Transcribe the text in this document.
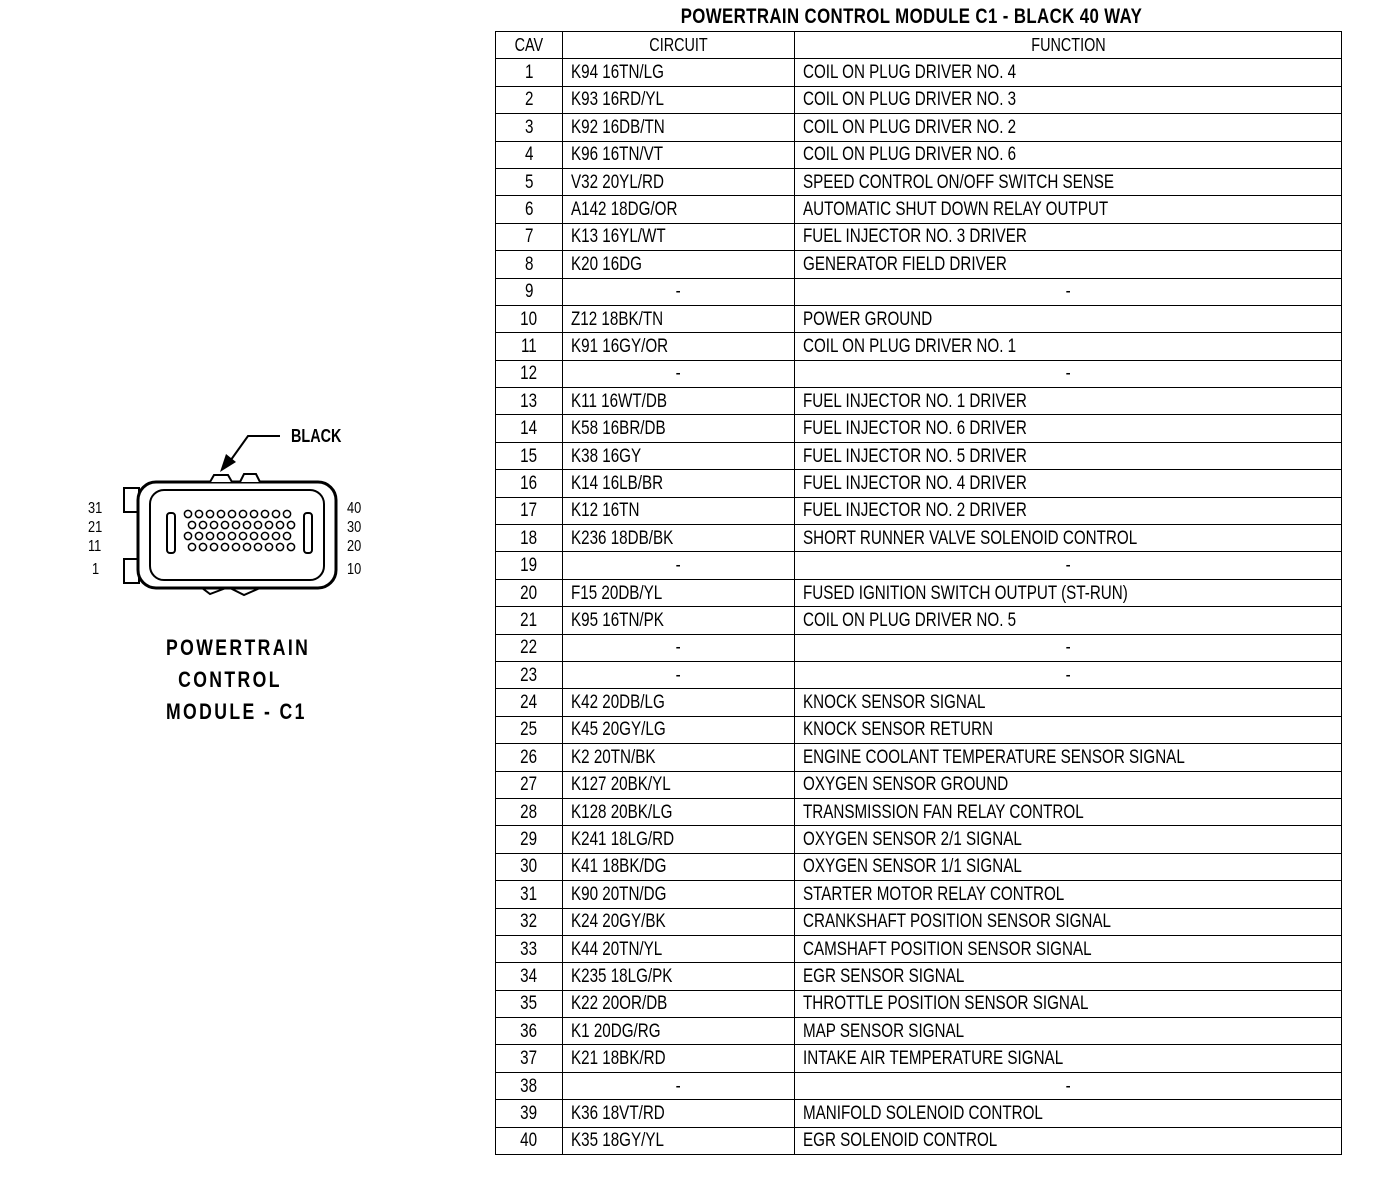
POWERTRAIN CONTROL MODULE C1 - BLACK 40 WAY
CAV	CIRCUIT	FUNCTION
1	K94 16TN/LG	COIL ON PLUG DRIVER NO. 4
2	K93 16RD/YL	COIL ON PLUG DRIVER NO. 3
3	K92 16DB/TN	COIL ON PLUG DRIVER NO. 2
4	K96 16TN/VT	COIL ON PLUG DRIVER NO. 6
5	V32 20YL/RD	SPEED CONTROL ON/OFF SWITCH SENSE
6	A142 18DG/OR	AUTOMATIC SHUT DOWN RELAY OUTPUT
7	K13 16YL/WT	FUEL INJECTOR NO. 3 DRIVER
8	K20 16DG	GENERATOR FIELD DRIVER
9	-	-
10	Z12 18BK/TN	POWER GROUND
11	K91 16GY/OR	COIL ON PLUG DRIVER NO. 1
12	-	-
13	K11 16WT/DB	FUEL INJECTOR NO. 1 DRIVER
14	K58 16BR/DB	FUEL INJECTOR NO. 6 DRIVER
15	K38 16GY	FUEL INJECTOR NO. 5 DRIVER
16	K14 16LB/BR	FUEL INJECTOR NO. 4 DRIVER
17	K12 16TN	FUEL INJECTOR NO. 2 DRIVER
18	K236 18DB/BK	SHORT RUNNER VALVE SOLENOID CONTROL
19	-	-
20	F15 20DB/YL	FUSED IGNITION SWITCH OUTPUT (ST-RUN)
21	K95 16TN/PK	COIL ON PLUG DRIVER NO. 5
22	-	-
23	-	-
24	K42 20DB/LG	KNOCK SENSOR SIGNAL
25	K45 20GY/LG	KNOCK SENSOR RETURN
26	K2 20TN/BK	ENGINE COOLANT TEMPERATURE SENSOR SIGNAL
27	K127 20BK/YL	OXYGEN SENSOR GROUND
28	K128 20BK/LG	TRANSMISSION FAN RELAY CONTROL
29	K241 18LG/RD	OXYGEN SENSOR 2/1 SIGNAL
30	K41 18BK/DG	OXYGEN SENSOR 1/1 SIGNAL
31	K90 20TN/DG	STARTER MOTOR RELAY CONTROL
32	K24 20GY/BK	CRANKSHAFT POSITION SENSOR SIGNAL
33	K44 20TN/YL	CAMSHAFT POSITION SENSOR SIGNAL
34	K235 18LG/PK	EGR SENSOR SIGNAL
35	K22 20OR/DB	THROTTLE POSITION SENSOR SIGNAL
36	K1 20DG/RG	MAP SENSOR SIGNAL
37	K21 18BK/RD	INTAKE AIR TEMPERATURE SIGNAL
38	-	-
39	K36 18VT/RD	MANIFOLD SOLENOID CONTROL
40	K35 18GY/YL	EGR SOLENOID CONTROL
BLACK
31
21
11
1
40
30
20
10
POWERTRAIN
CONTROL
MODULE - C1
